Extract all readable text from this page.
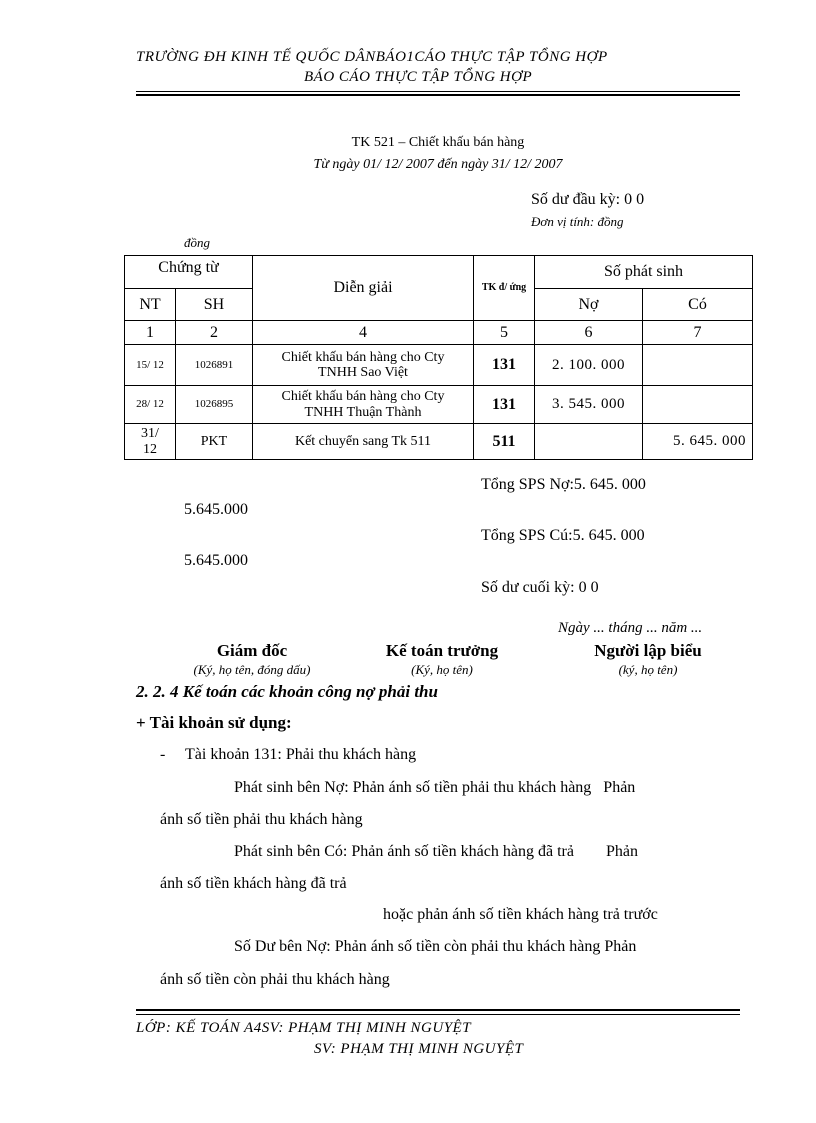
TRƯỜNG ĐH KINH TẾ QUỐC DÂNBÁO1CÁO THỰC TẬP TỔNG HỢP
BÁO CÁO THỰC TẬP TỔNG HỢP
TK 521 – Chiết khấu bán hàng
Từ ngày 01/ 12/ 2007 đến ngày 31/ 12/ 2007
Số dư đầu kỳ: 0 0
Đơn vị tính: đồng
đồng
Chứng từ		Diễn giải	TK đ/ ứng	Số phát sinh	
NT	SH			Nợ	Có
1	2	4	5	6	7
15/ 12	1026891	Chiết khấu bán hàng cho Cty TNHH Sao Việt	131	2. 100. 000	
28/ 12	1026895	Chiết khấu bán hàng cho Cty TNHH Thuận Thành	131	3. 545. 000	
31/ 12	PKT	Kết chuyển sang Tk 511	511		5. 645. 000
Tổng SPS Nợ:5. 645. 000
5.645.000
Tổng SPS Cú:5. 645. 000
5.645.000
Số dư cuối kỳ: 0 0
Ngày ... tháng ... năm ...
Giám đốc
(Ký, họ tên, đóng dấu)
Kế toán trưởng
(Ký, họ tên)
Người lập biểu
(ký, họ tên)
2. 2. 4 Kế toán các khoản công nợ phải thu
+ Tài khoản sử dụng:
- Tài khoản 131: Phải thu khách hàng
Phát sinh bên Nợ: Phản ánh số tiền phải thu khách hàng   Phản
ánh số tiền phải thu khách hàng
Phát sinh bên Có: Phản ánh số tiền khách hàng đã trả        Phản
ánh số tiền khách hàng đã trả
hoặc phản ánh số tiền khách hàng trả trước
Số Dư bên Nợ: Phản ánh số tiền còn phải thu khách hàng Phản
ánh số tiền còn phải thu khách hàng
LỚP: KẾ TOÁN A4SV: PHẠM THỊ MINH NGUYỆT
SV: PHẠM THỊ MINH NGUYỆT
